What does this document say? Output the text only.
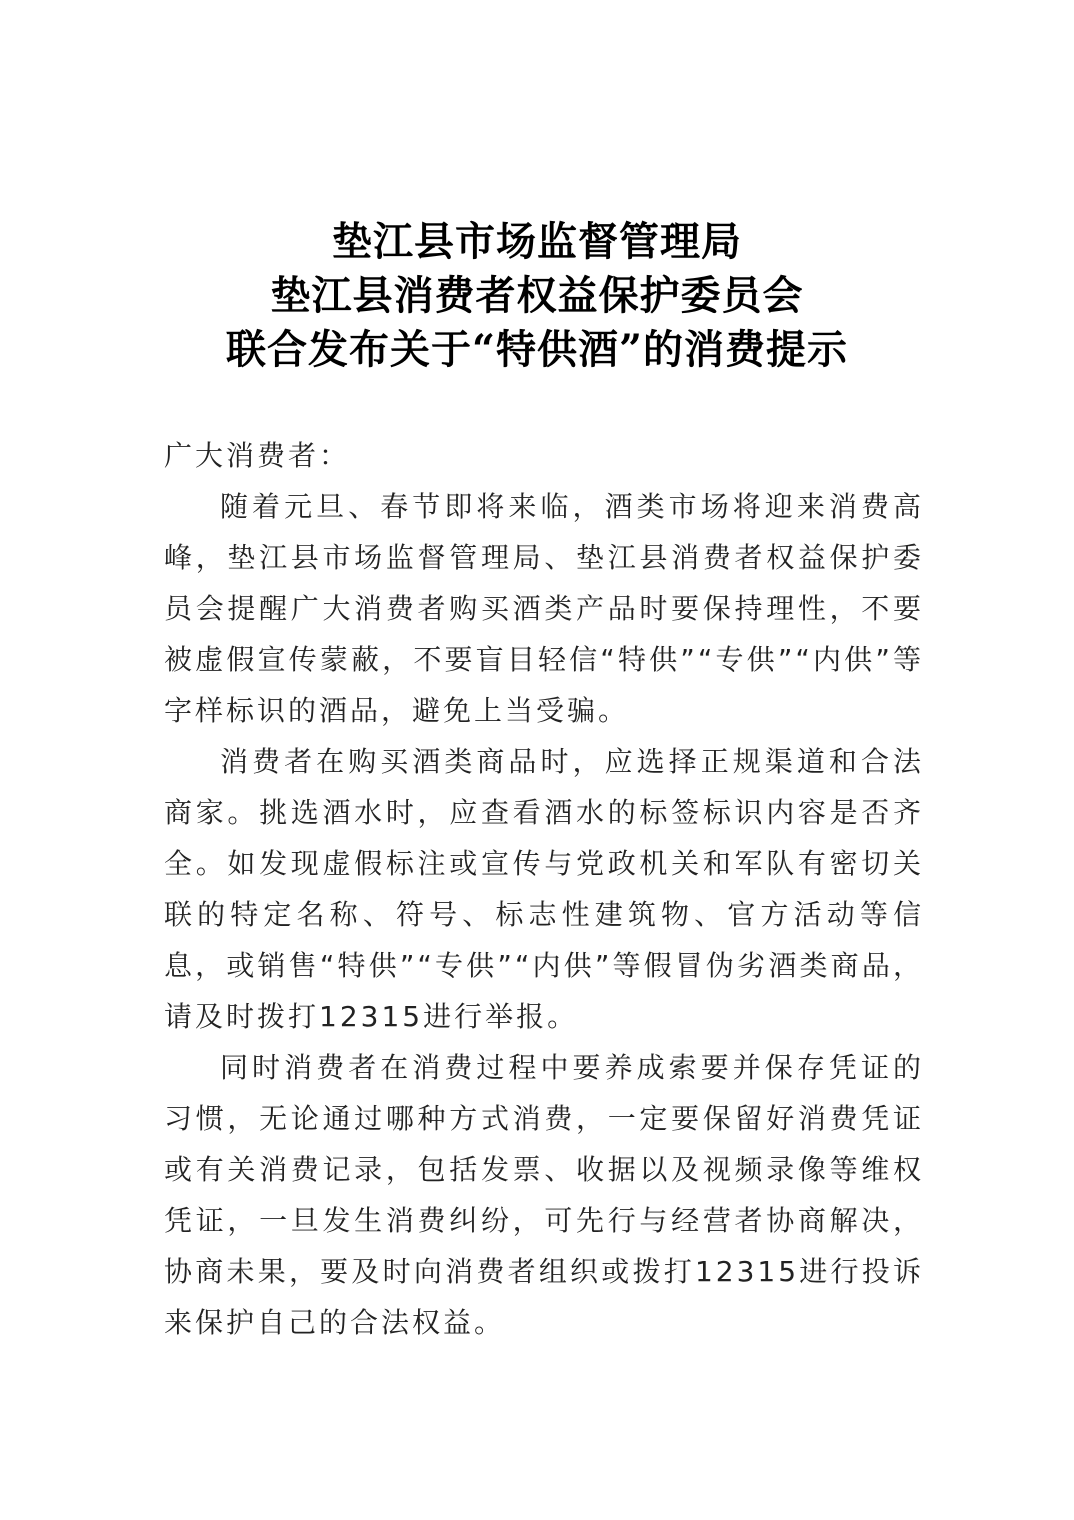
垫江县市场监督管理局
垫江县消费者权益保护委员会
联合发布关于“特供酒”的消费提示

广大消费者：

随着元旦、春节即将来临，酒类市场将迎来消费高峰，垫江县市场监督管理局、垫江县消费者权益保护委员会提醒广大消费者购买酒类产品时要保持理性，不要被虚假宣传蒙蔽，不要盲目轻信“特供”“专供”“内供”等字样标识的酒品，避免上当受骗。

消费者在购买酒类商品时，应选择正规渠道和合法商家。挑选酒水时，应查看酒水的标签标识内容是否齐全。如发现虚假标注或宣传与党政机关和军队有密切关联的特定名称、符号、标志性建筑物、官方活动等信息，或销售“特供”“专供”“内供”等假冒伪劣酒类商品，请及时拨打12315进行举报。

同时消费者在消费过程中要养成索要并保存凭证的习惯，无论通过哪种方式消费，一定要保留好消费凭证或有关消费记录，包括发票、收据以及视频录像等维权凭证，一旦发生消费纠纷，可先行与经营者协商解决，协商未果，要及时向消费者组织或拨打12315进行投诉来保护自己的合法权益。
